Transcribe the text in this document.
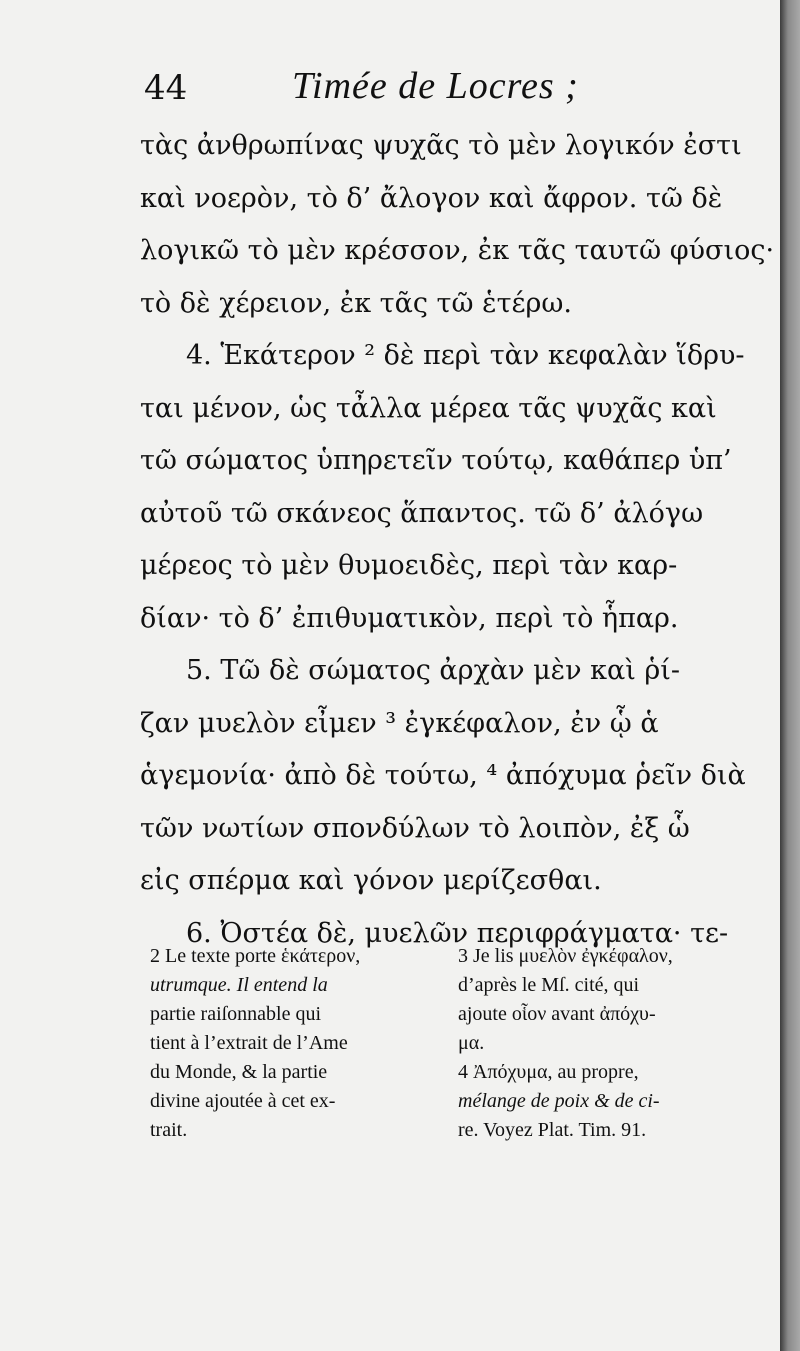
44	Timée de Locres ;
τὰς ἀνθρωπίνας ψυχᾶς τὸ μὲν λογικόν ἐστι
καὶ νοερὸν, τὸ δ’ ἄλογον καὶ ἄφρον. τῶ δὲ
λογικῶ τὸ μὲν κρέσσον, ἐκ τᾶς ταυτῶ φύσιος·
τὸ δὲ χέρειον, ἐκ τᾶς τῶ ἑτέρω.
4. Ἑκάτερον ² δὲ περὶ τὰν κεφαλὰν ἵδρυ-
ται μένον, ὡς τἆλλα μέρεα τᾶς ψυχᾶς καὶ
τῶ σώματος ὑπηρετεῖν τούτῳ, καθάπερ ὑπ’
αὐτοῦ τῶ σκάνεος ἅπαντος. τῶ δ’ ἀλόγω
μέρεος τὸ μὲν θυμοειδὲς, περὶ τὰν καρ-
δίαν· τὸ δ’ ἐπιθυματικὸν, περὶ τὸ ἧπαρ.
5. Τῶ δὲ σώματος ἀρχὰν μὲν καὶ ῥί-
ζαν μυελὸν εἶμεν ³ ἐγκέφαλον, ἐν ᾧ ἁ
ἁγεμονία· ἀπὸ δὲ τούτω, ⁴ ἀπόχυμα ῥεῖν διὰ
τῶν νωτίων σπονδύλων τὸ λοιπὸν, ἐξ ὧ
εἰς σπέρμα καὶ γόνον μερίζεσθαι.
6. Ὀστέα δὲ, μυελῶν περιφράγματα· τε-
2 Le texte porte ἑκάτερον,
utrumque. Il entend la
partie raiſonnable qui
tient à l’extrait de l’Ame
du Monde, & la partie
divine ajoutée à cet ex-
trait.
3 Je lis μυελὸν ἐγκέφαλον,
d’après le Mſ. cité, qui
ajoute οἷον avant ἀπόχυ-
μα.
4 Ἀπόχυμα, au propre,
mélange de poix & de ci-
re. Voyez Plat. Tim. 91.
